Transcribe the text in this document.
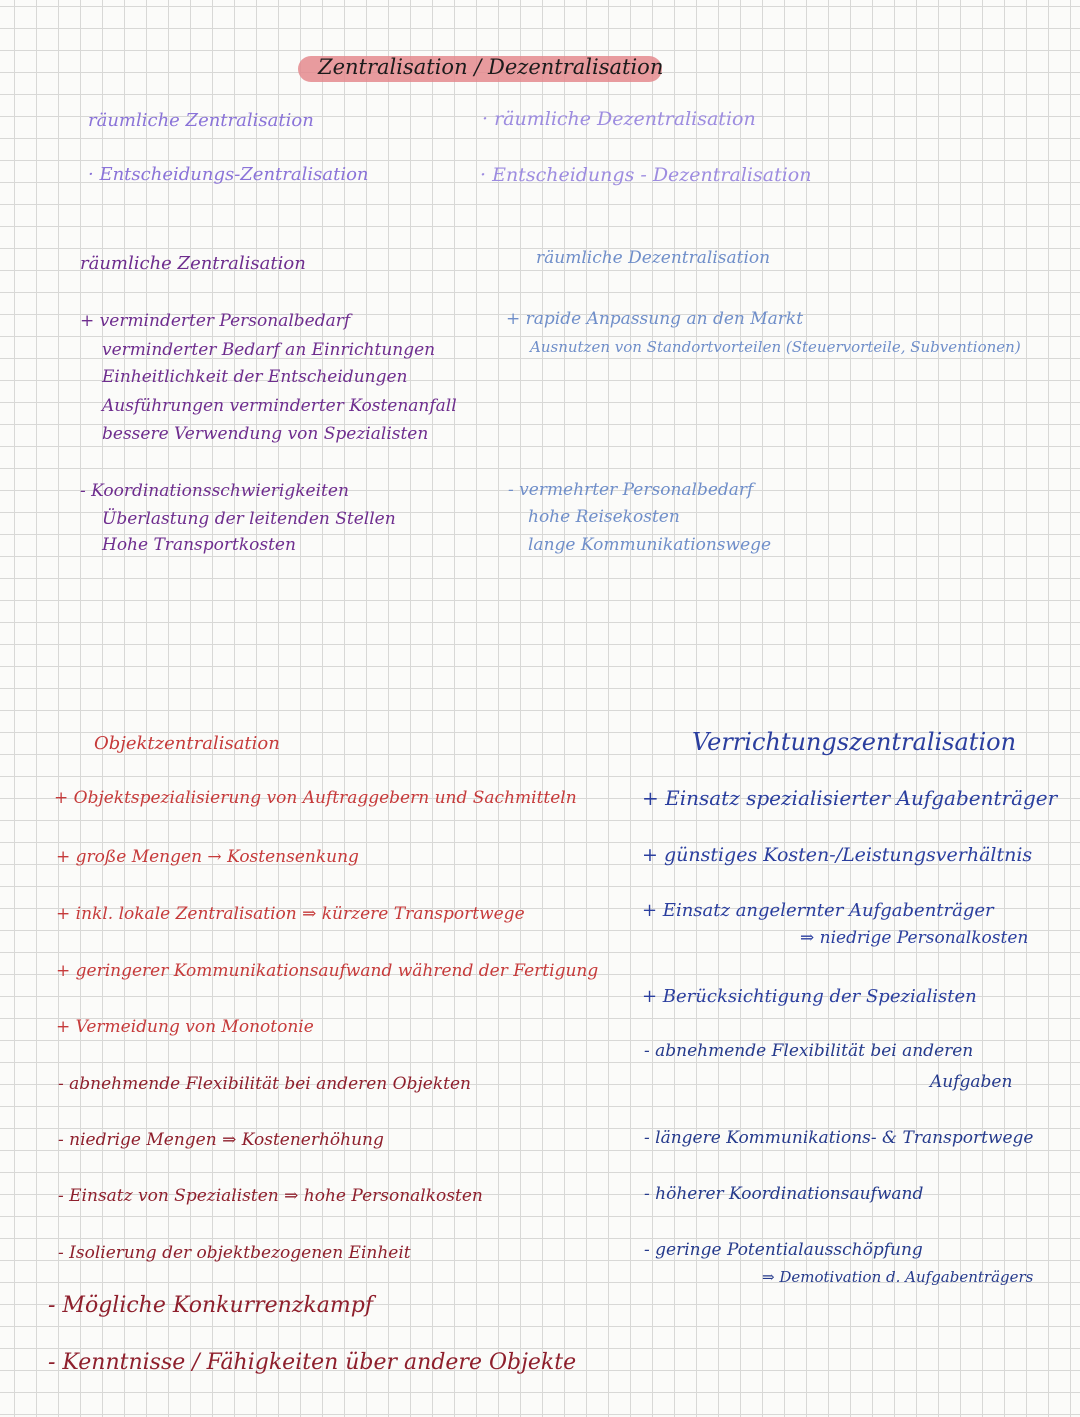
Zentralisation / Dezentralisation
räumliche Zentralisation
· Entscheidungs-Zentralisation
· räumliche Dezentralisation
· Entscheidungs - Dezentralisation
räumliche Zentralisation
+ verminderter Personalbedarf
verminderter Bedarf an Einrichtungen
Einheitlichkeit der Entscheidungen
Ausführungen verminderter Kostenanfall
bessere Verwendung von Spezialisten
- Koordinationsschwierigkeiten
Überlastung der leitenden Stellen
Hohe Transportkosten
räumliche Dezentralisation
+ rapide Anpassung an den Markt
Ausnutzen von Standortvorteilen (Steuervorteile, Subventionen)
- vermehrter Personalbedarf
hohe Reisekosten
lange Kommunikationswege
Objektzentralisation
+ Objektspezialisierung von Auftraggebern und Sachmitteln
+ große Mengen → Kostensenkung
+ inkl. lokale Zentralisation ⇒ kürzere Transportwege
+ geringerer Kommunikationsaufwand während der Fertigung
+ Vermeidung von Monotonie
- abnehmende Flexibilität bei anderen Objekten
- niedrige Mengen ⇒ Kostenerhöhung
- Einsatz von Spezialisten ⇒ hohe Personalkosten
- Isolierung der objektbezogenen Einheit
- Mögliche Konkurrenzkampf
- Kenntnisse / Fähigkeiten über andere Objekte
Verrichtungszentralisation
+ Einsatz spezialisierter Aufgabenträger
+ günstiges Kosten-/Leistungsverhältnis
+ Einsatz angelernter Aufgabenträger
⇒ niedrige Personalkosten
+ Berücksichtigung der Spezialisten
- abnehmende Flexibilität bei anderen
Aufgaben
- längere Kommunikations- & Transportwege
- höherer Koordinationsaufwand
- geringe Potentialausschöpfung
⇒ Demotivation d. Aufgabenträgers
